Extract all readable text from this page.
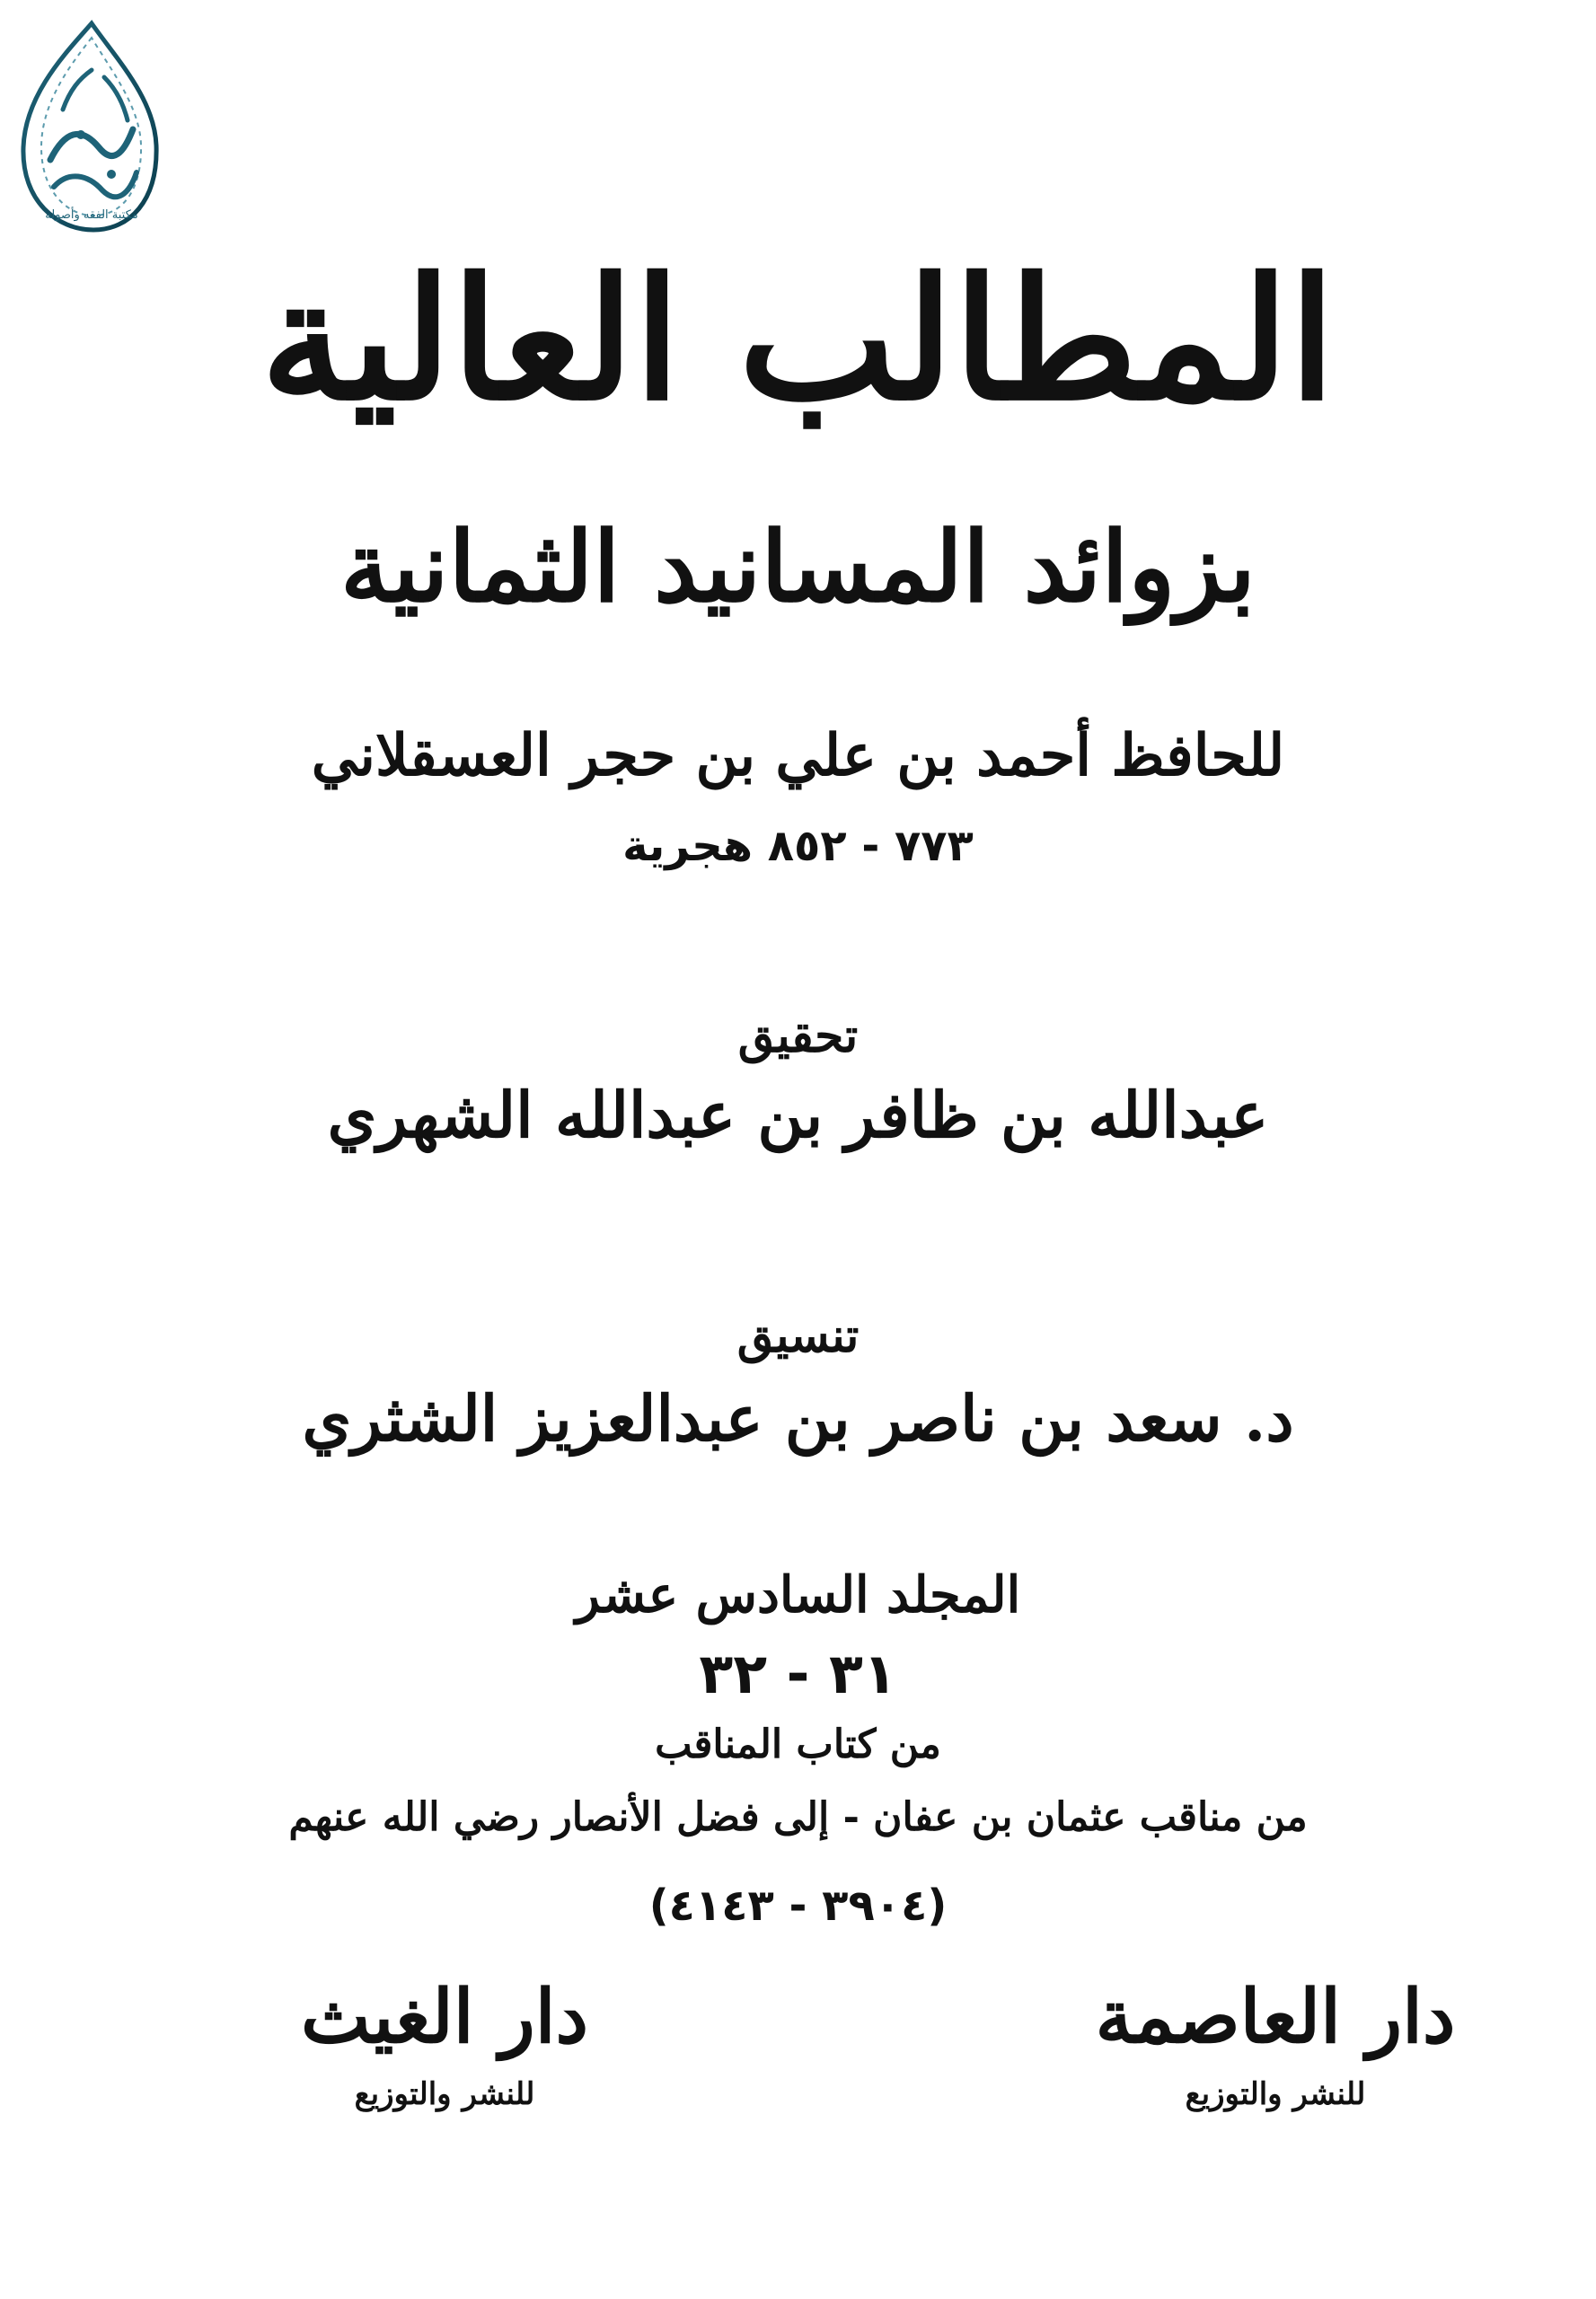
مكتبة الفقه وأصوله
المطالب العالية
بزوائد المسانيد الثمانية
للحافظ أحمد بن علي بن حجر العسقلاني
٧٧٣ - ٨٥٢ هجرية
تحقيق
عبدالله بن ظافر بن عبدالله الشهري
تنسيق
د. سعد بن ناصر بن عبدالعزيز الشثري
المجلد السادس عشر
٣١ - ٣٢
من كتاب المناقب
من مناقب عثمان بن عفان - إلى فضل الأنصار رضي الله عنهم
(٣٩٠٤ - ٤١٤٣)
دار العاصمة
للنشر والتوزيع
دار الغيث
للنشر والتوزيع
